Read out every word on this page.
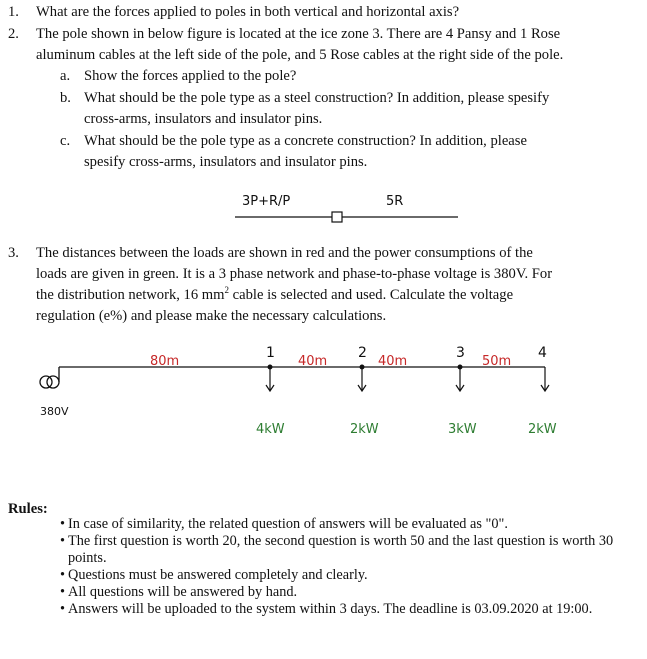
1. What are the forces applied to poles in both vertical and horizontal axis?
2. The pole shown in below figure is located at the ice zone 3. There are 4 Pansy and 1 Rose
aluminum cables at the left side of the pole, and 5 Rose cables at the right side of the pole.
a. Show the forces applied to the pole?
b. What should be the pole type as a steel construction? In addition, please spesify
cross-arms, insulators and insulator pins.
c. What should be the pole type as a concrete construction? In addition, please
spesify cross-arms, insulators and insulator pins.
3P+R/P	5R
3. The distances between the loads are shown in red and the power consumptions of the
loads are given in green. It is a 3 phase network and phase-to-phase voltage is 380V. For
the distribution network, 16 $mm^2$ cable is selected and used. Calculate the voltage
regulation (e%) and please make the necessary calculations.
380V
80m	40m	40m	50m
1	2	3	4
4kW	2kW	3kW	2kW
Rules:
• In case of similarity, the related question of answers will be evaluated as "0".
• The first question is worth 20, the second question is worth 50 and the last question is worth 30 points.
• Questions must be answered completely and clearly.
• All questions will be answered by hand.
• Answers will be uploaded to the system within 3 days. The deadline is 03.09.2020 at 19:00.
